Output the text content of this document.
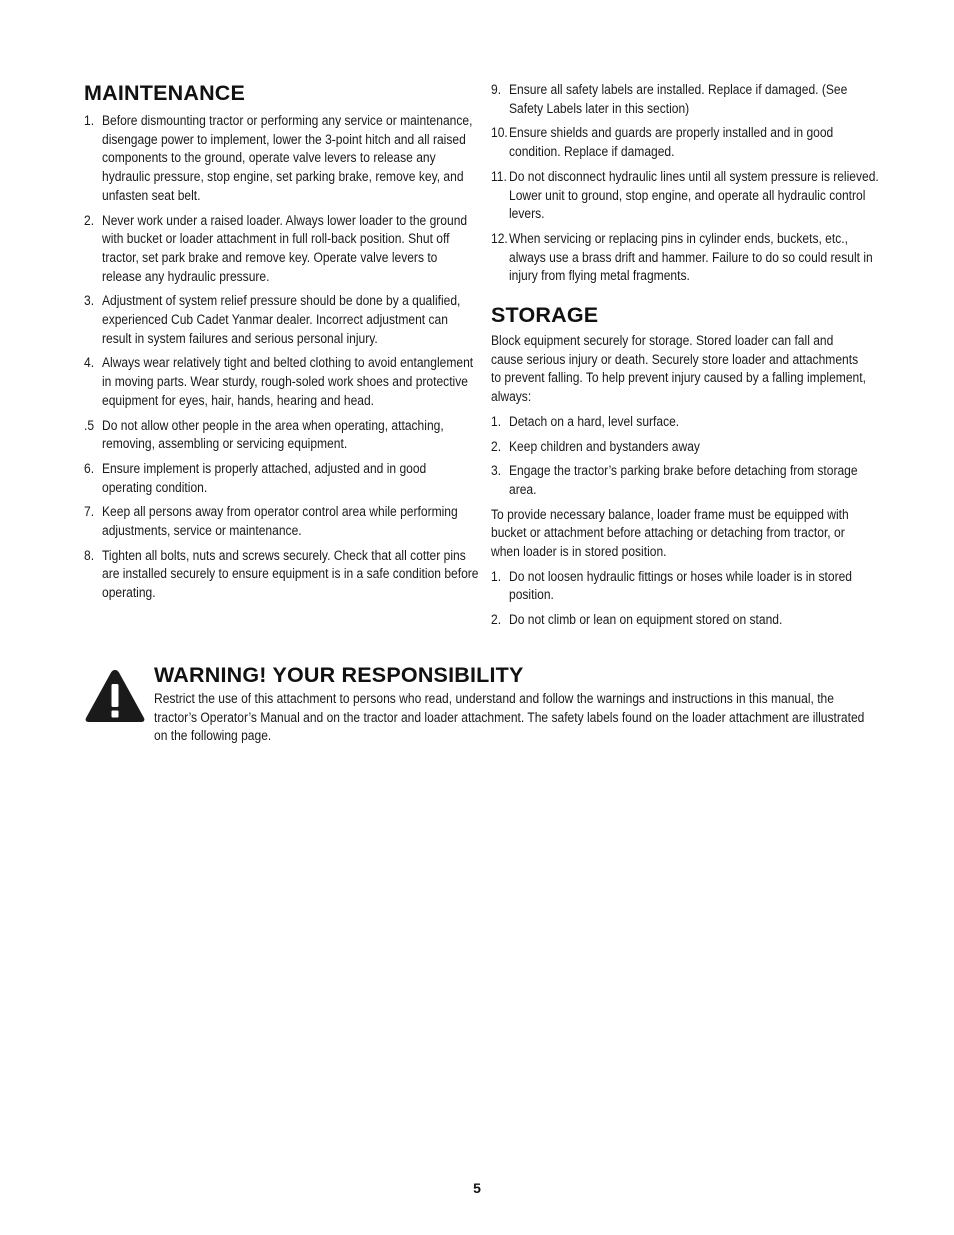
MAINTENANCE
1. Before dismounting tractor or performing any service or maintenance, disengage power to implement, lower the 3-point hitch and all raised components to the ground, operate valve levers to release any hydraulic pressure, stop engine, set parking brake, remove key, and unfasten seat belt.
2. Never work under a raised loader. Always lower loader to the ground with bucket or loader attachment in full roll-back position. Shut off tractor, set park brake and remove key. Operate valve levers to release any hydraulic pressure.
3. Adjustment of system relief pressure should be done by a qualified, experienced Cub Cadet Yanmar dealer. Incorrect adjustment can result in system failures and serious personal injury.
4. Always wear relatively tight and belted clothing to avoid entanglement in moving parts. Wear sturdy, rough-soled work shoes and protective equipment for eyes, hair, hands, hearing and head.
.5 Do not allow other people in the area when operating, attaching, removing, assembling or servicing equipment.
6. Ensure implement is properly attached, adjusted and in good operating condition.
7. Keep all persons away from operator control area while performing adjustments, service or maintenance.
8. Tighten all bolts, nuts and screws securely. Check that all cotter pins are installed securely to ensure equipment is in a safe condition before operating.
9. Ensure all safety labels are installed. Replace if damaged. (See Safety Labels later in this section)
10. Ensure shields and guards are properly installed and in good condition. Replace if damaged.
11. Do not disconnect hydraulic lines until all system pressure is relieved. Lower unit to ground, stop engine, and operate all hydraulic control levers.
12. When servicing or replacing pins in cylinder ends, buckets, etc., always use a brass drift and hammer. Failure to do so could result in injury from flying metal fragments.
STORAGE

Block equipment securely for storage. Stored loader can fall and cause serious injury or death. Securely store loader and attachments to prevent falling. To help prevent injury caused by a falling implement, always:

1. Detach on a hard, level surface.
2. Keep children and bystanders away
3. Engage the tractor’s parking brake before detaching from storage area.

To provide necessary balance, loader frame must be equipped with bucket or attachment before attaching or detaching from tractor, or when loader is in stored position.

1. Do not loosen hydraulic fittings or hoses while loader is in stored position.
2. Do not climb or lean on equipment stored on stand.
WARNING! YOUR RESPONSIBILITY

Restrict the use of this attachment to persons who read, understand and follow the warnings and instructions in this manual, the tractor’s Operator’s Manual and on the tractor and loader attachment. The safety labels found on the loader attachment are illustrated on the following page.

5
